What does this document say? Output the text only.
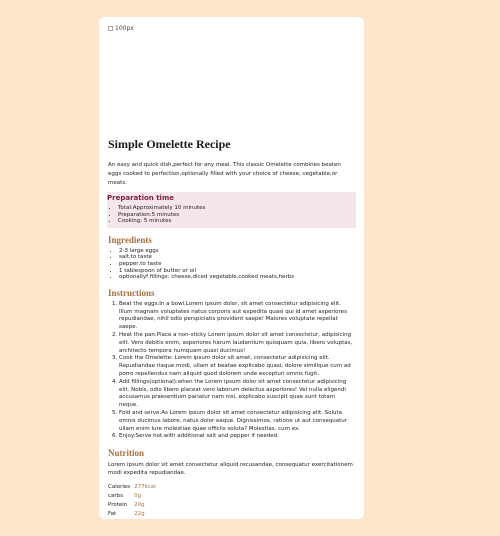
100px
Simple Omelette Recipe

An easy and quick dish,perfect for any meal. This classic Omelette combines beaten eggs cooked to perfection,optionally filled with your choice of cheese, vegetable,or meats.

Preparation time
• Total:Approximately 10 minutes
• Preparation:5 minutes
• Cooking: 5 minutes
Ingredients
• 2-3 large eggs
• salt,to taste
• pepper,to taste
• 1 tablespoon of butter or oil
• optionallyf fillings: cheese,diced vegetable,cooked meats,herbs
Instructions
1. Beat the eggs:In a bowl,Lorem ipsum dolor, sit amet consectetur adipisicing elit. Illum magnam voluptates natus corporis aut expedita quasi qui id amet asperiores repudiandae, nihil odio perspiciatis provident saepe! Maiores voluptate repellat saepe.
2. Heat the pan:Place a non-sticky Lorem ipsum dolor sit amet consectetur, adipisicing elit. Vero debitis enim, asperiores harum laudantium quisquam quia, libero voluptas, architecto tempora numquam quasi ducimus!
3. Cook the Omelette: Lorem ipsum dolor sit amet, consectetur adipisicing elit. Repudiandae itaque modi, ullam et beatae explicabo quasi, dolore similique cum ad porro repellendus nam aliquid quod dolorem unde excepturi omnis fugit.
4. Add fillings(optional):when the Lorem ipsum dolor sit amet consectetur adipisicing elit. Nobis, odio libero placeat vero laborum delectus asperiores! Vel nulla eligendi accusamus praesentium pariatur nam nisi, explicabo suscipit quae sunt totam neque.
5. Fold and serve:As Lorem ipsum dolor sit amet consectetur adipisicing elit. Soluta omnis ducimus labore, natus dolor eaque. Dignissimos, ratione ut aut consequatur ullam enim iure molestiae quae officiis soluta? Molestias, cum ex.
6. Enjoy:Serve hot,with additional salt and pepper if needed.
Nutrition

Lorem ipsum dolor sit amet consectetur aliquid recusandae, consequatur exercitationem modi expedita repudiandae.

Calories	277kcal
carbs	0g
Protein	20g
Fat	22g
